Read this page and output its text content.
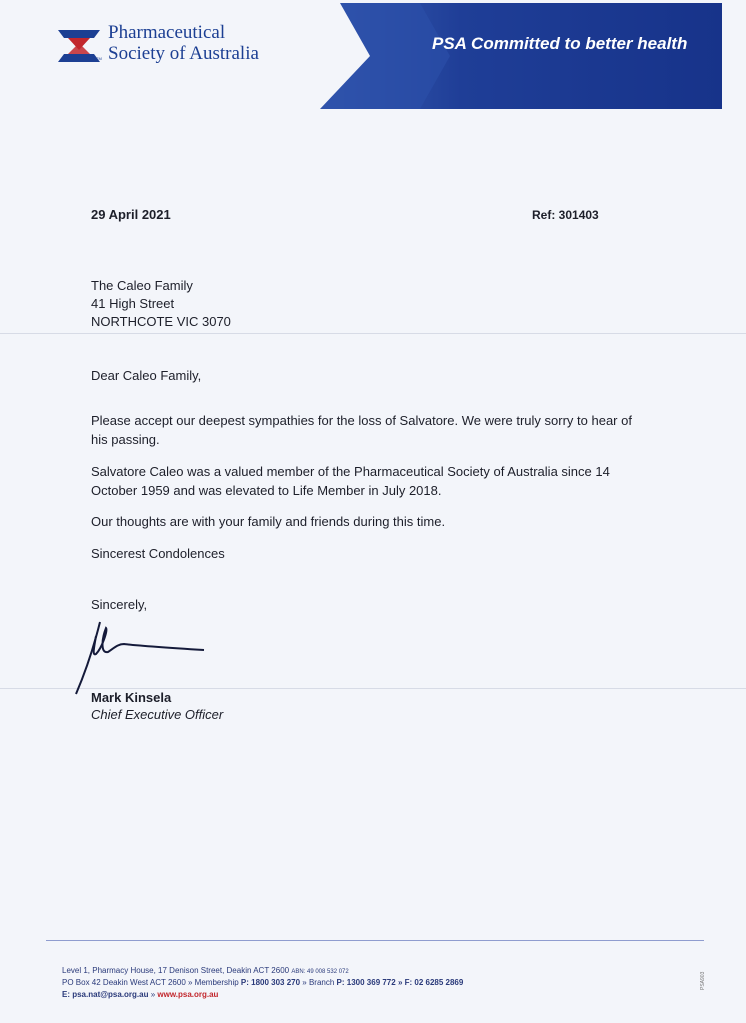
TM
Pharmaceutical
Society of Australia	PSA Committed to better health
29 April 2021	Ref: 301403
The Caleo Family
41 High Street
NORTHCOTE VIC 3070
Dear Caleo Family,
Please accept our deepest sympathies for the loss of Salvatore. We were truly sorry to hear of
his passing.
Salvatore Caleo was a valued member of the Pharmaceutical Society of Australia since 14
October 1959 and was elevated to Life Member in July 2018.
Our thoughts are with your family and friends during this time.
Sincerest Condolences
Sincerely,
Mark Kinsela
Chief Executive Officer
Level 1, Pharmacy House, 17 Denison Street, Deakin ACT 2600 ABN: 49 008 532 072
PO Box 42 Deakin West ACT 2600 » Membership P: 1800 303 270 » Branch P: 1300 369 772 » F: 02 6285 2869
E: psa.nat@psa.org.au » www.psa.org.au
PSA903
